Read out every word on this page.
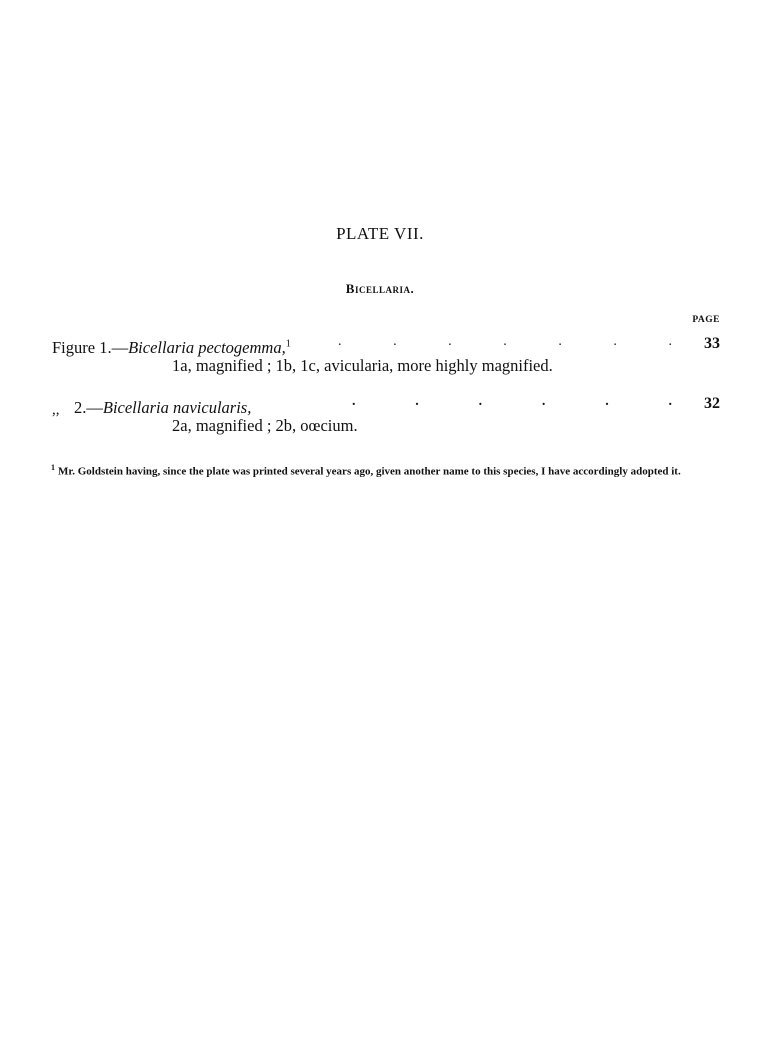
PLATE VII.
Bicellaria.
PAGE
Figure 1.—Bicellaria pectogemma,$^1$	.	.	.	.	.	.	. 33
1a, magnified ; 1b, 1c, avicularia, more highly magnified.
,, 2.—Bicellaria navicularis,	.	.	.	.	.	. 32
2a, magnified ; 2b, oœcium.
$^1$ Mr. Goldstein having, since the plate was printed several years ago, given another name to this species, I have accordingly adopted it.
